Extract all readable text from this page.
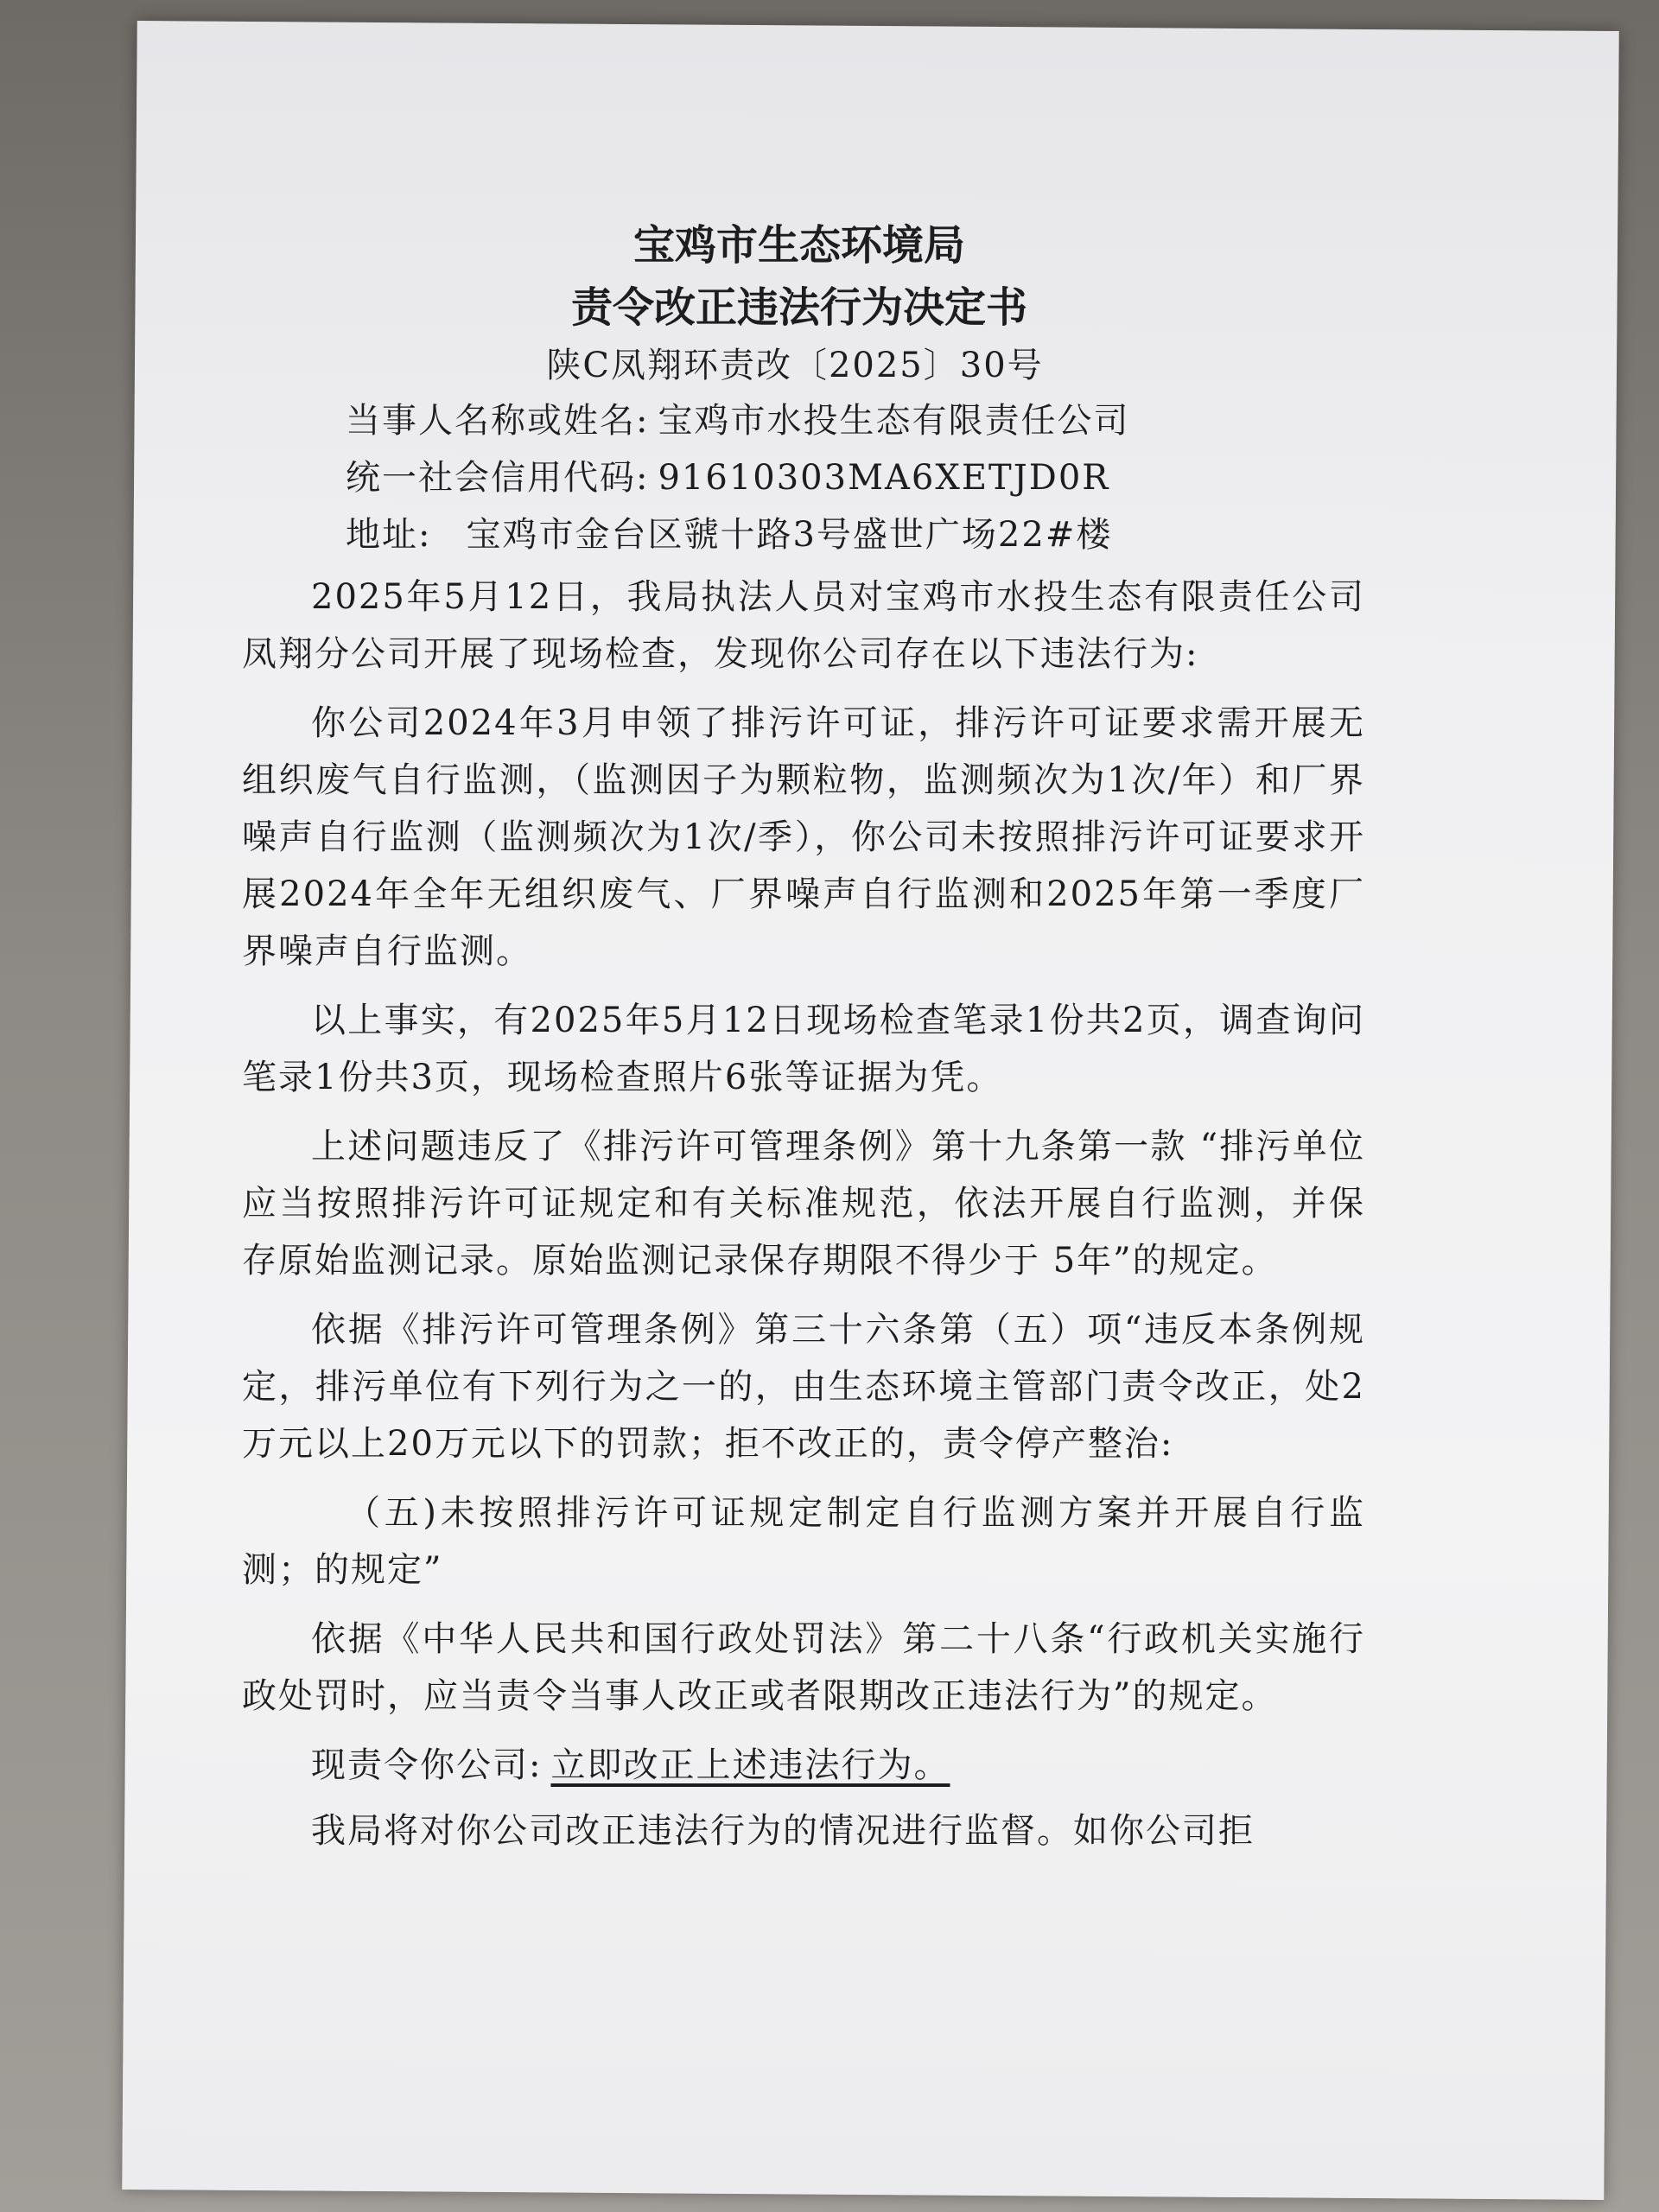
宝鸡市生态环境局
责令改正违法行为决定书
陕C凤翔环责改〔2025〕30号
当事人名称或姓名: 宝鸡市水投生态有限责任公司
统一社会信用代码: 91610303MA6XETJD0R
地址: 宝鸡市金台区虢十路3号盛世广场22#楼
2025年5月12日，我局执法人员对宝鸡市水投生态有限责任公司凤翔分公司开展了现场检查，发现你公司存在以下违法行为:
你公司2024年3月申领了排污许可证，排污许可证要求需开展无组织废气自行监测，（监测因子为颗粒物，监测频次为1次/年）和厂界噪声自行监测（监测频次为1次/季），你公司未按照排污许可证要求开展2024年全年无组织废气、厂界噪声自行监测和2025年第一季度厂界噪声自行监测。
以上事实，有2025年5月12日现场检查笔录1份共2页，调查询问笔录1份共3页，现场检查照片6张等证据为凭。
上述问题违反了《排污许可管理条例》第十九条第一款 “排污单位应当按照排污许可证规定和有关标准规范，依法开展自行监测，并保存原始监测记录。原始监测记录保存期限不得少于 5年”的规定。
依据《排污许可管理条例》第三十六条第（五）项“违反本条例规定，排污单位有下列行为之一的，由生态环境主管部门责令改正，处2万元以上20万元以下的罚款；拒不改正的，责令停产整治:
（五)未按照排污许可证规定制定自行监测方案并开展自行监测；的规定”
依据《中华人民共和国行政处罚法》第二十八条“行政机关实施行政处罚时，应当责令当事人改正或者限期改正违法行为”的规定。
现责令你公司: 立即改正上述违法行为。
我局将对你公司改正违法行为的情况进行监督。如你公司拒
